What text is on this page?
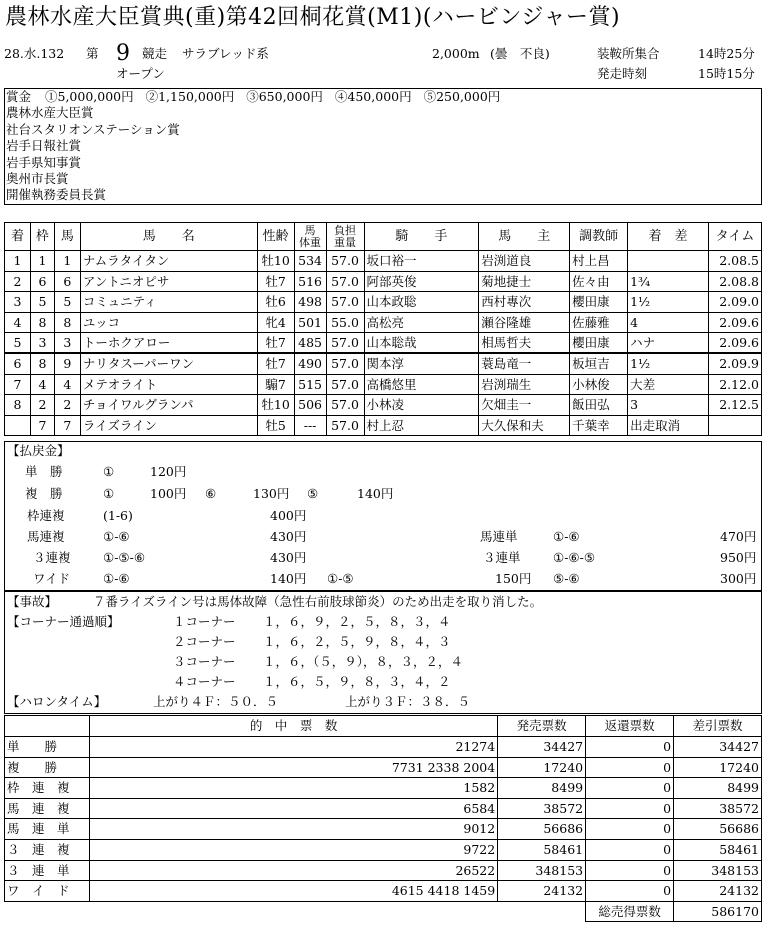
農林水産大臣賞典(重)第42回桐花賞(M1)(ハービンジャー賞)
28.水.132 第 9 競走 サラブレッド系
オープン
2,000m (曇　不良)	装鞍所集合	14時25分
発走時刻	15時15分
賞金 ①5,000,000円 ②1,150,000円 ③650,000円 ④450,000円 ⑤250,000円
農林水産大臣賞
社台スタリオンステーション賞
岩手日報社賞
岩手県知事賞
奥州市長賞
開催執務委員長賞
着	枠	馬	馬　　名	性齢	馬
体重	負担
重量	騎　　手	馬　　主	調教師	着　差	タイム
1	1	1	ナムラタイタン	牡10	534	57.0	坂口裕一	岩渕道良	村上昌		2.08.5
2	6	6	アントニオピサ	牡7	516	57.0	阿部英俊	菊地捷士	佐々由	1¾	2.08.8
3	5	5	コミュニティ	牡6	498	57.0	山本政聡	西村專次	櫻田康	1½	2.09.0
4	8	8	ユッコ	牝4	501	55.0	高松亮	瀬谷隆雄	佐藤雅	4	2.09.6
5	3	3	トーホクアロー	牡7	485	57.0	山本聡哉	相馬哲夫	櫻田康	ハナ	2.09.6
6	8	9	ナリタスーパーワン	牡7	490	57.0	関本淳	蓑島竜一	板垣吉	1½	2.09.9
7	4	4	メテオライト	騸7	515	57.0	高橋悠里	岩渕瑞生	小林俊	大差	2.12.0
8	2	2	チョイワルグランパ	牡10	506	57.0	小林凌	欠畑圭一	飯田弘	3	2.12.5
	7	7	ライズライン	牡5	---	57.0	村上忍	大久保和夫	千葉幸	出走取消	
【払戻金】
単　勝	①	120円
複　勝	①	100円 ⑥	130円 ⑤	140円
枠連複	(1-6)	400円
馬連複	①-⑥	430円	馬連単	①-⑥	470円
３連複	①-⑤-⑥	430円	３連単	①-⑥-⑤	950円
ワイド	①-⑥	140円 ①-⑤	150円 ⑤-⑥	300円
【事故】	７番ライズライン号は馬体故障（急性右前肢球節炎）のため出走を取り消した。
【コーナー通過順】	１コーナー １，６，９，２，５，８，３，４
２コーナー １，６，２，５，９，８，４，３
３コーナー １，６，（５，９），８，３，２，４
４コーナー １，６，５，９，８，３，４，２
【ハロンタイム】	上がり４Ｆ：５０．５	上がり３Ｆ：３８．５
	的　中　票　数	発売票数	返還票数	差引票数
単　　勝	21274	34427	0	34427
複　　勝	7731 2338 2004	17240	0	17240
枠　連　複	1582	8499	0	8499
馬　連　複	6584	38572	0	38572
馬　連　単	9012	56686	0	56686
３　連　複	9722	58461	0	58461
３　連　単	26522	348153	0	348153
ワ　イ　ド	4615 4418 1459	24132	0	24132
			総売得票数	586170
